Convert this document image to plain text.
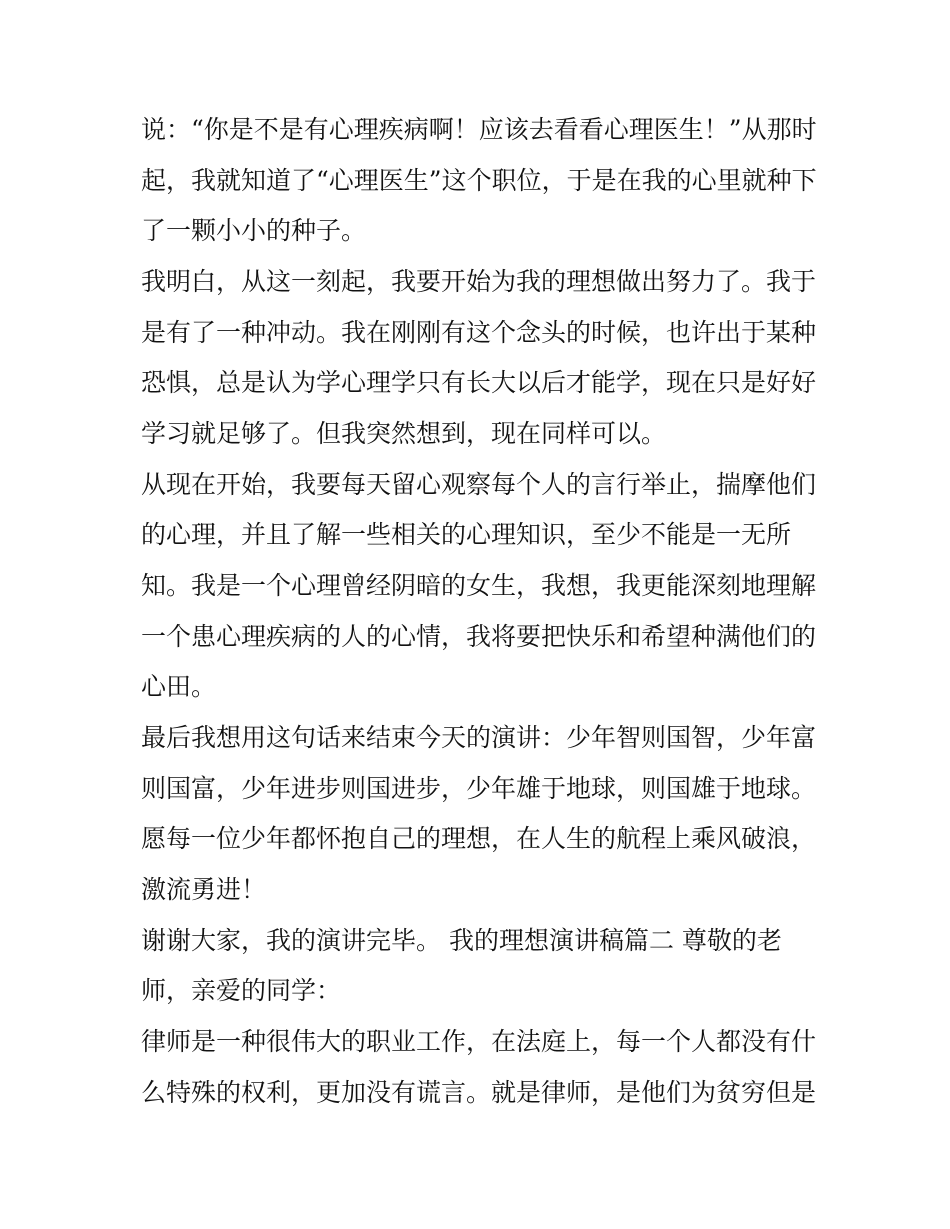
说：“你是不是有心理疾病啊！应该去看看心理医生！”从那时
起，我就知道了“心理医生”这个职位，于是在我的心里就种下
了一颗小小的种子。
我明白，从这一刻起，我要开始为我的理想做出努力了。我于
是有了一种冲动。我在刚刚有这个念头的时候，也许出于某种
恐惧，总是认为学心理学只有长大以后才能学，现在只是好好
学习就足够了。但我突然想到，现在同样可以。
从现在开始，我要每天留心观察每个人的言行举止，揣摩他们
的心理，并且了解一些相关的心理知识，至少不能是一无所
知。我是一个心理曾经阴暗的女生，我想，我更能深刻地理解
一个患心理疾病的人的心情，我将要把快乐和希望种满他们的
心田。
最后我想用这句话来结束今天的演讲：少年智则国智，少年富
则国富，少年进步则国进步，少年雄于地球，则国雄于地球。
愿每一位少年都怀抱自己的理想，在人生的航程上乘风破浪，
激流勇进！
谢谢大家，我的演讲完毕。 我的理想演讲稿篇二 尊敬的老
师，亲爱的同学：
律师是一种很伟大的职业工作，在法庭上，每一个人都没有什
么特殊的权利，更加没有谎言。就是律师，是他们为贫穷但是
